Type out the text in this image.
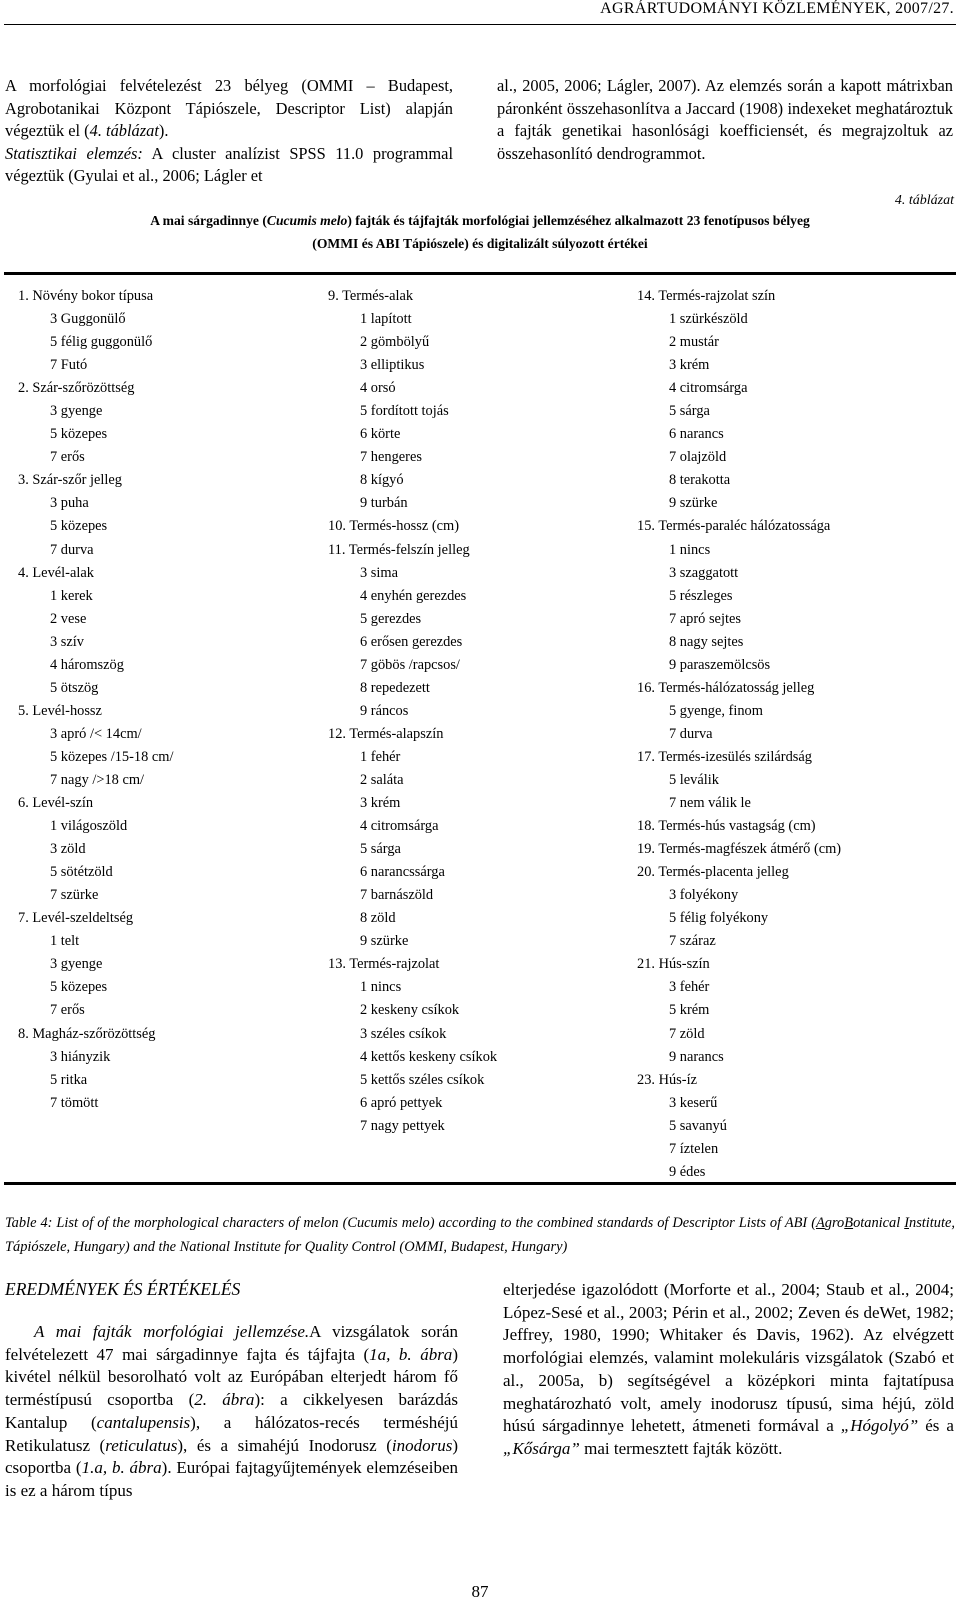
AGRÁRTUDOMÁNYI KÖZLEMÉNYEK, 2007/27.

A morfológiai felvételezést 23 bélyeg (OMMI – Budapest, Agrobotanikai Központ Tápiószele, Descriptor List) alapján végeztük el (4. táblázat).

Statisztikai elemzés: A cluster analízist SPSS 11.0 programmal végeztük (Gyulai et al., 2006; Lágler et

al., 2005, 2006; Lágler, 2007). Az elemzés során a kapott mátrixban páronként összehasonlítva a Jaccard (1908) indexeket meghatároztuk a fajták genetikai hasonlósági koefficiensét, és megrajzoltuk az összehasonlító dendrogrammot.

4. táblázat
A mai sárgadinnye (Cucumis melo) fajták és tájfajták morfológiai jellemzéséhez alkalmazott 23 fenotípusos bélyeg
(OMMI és ABI Tápiószele) és digitalizált súlyozott értékei
1. Növény bokor típusa
3 Guggonülő
5 félig guggonülő
7 Futó
2. Szár-szőrözöttség
3 gyenge
5 közepes
7 erős
3. Szár-szőr jelleg
3 puha
5 közepes
7 durva
4. Levél-alak
1 kerek
2 vese
3 szív
4 háromszög
5 ötszög
5. Levél-hossz
3 apró /< 14cm/
5 közepes /15-18 cm/
7 nagy />18 cm/
6. Levél-szín
1 világoszöld
3 zöld
5 sötétzöld
7 szürke
7. Levél-szeldeltség
1 telt
3 gyenge
5 közepes
7 erős
8. Magház-szőrözöttség
3 hiányzik
5 ritka
7 tömött
9. Termés-alak
1 lapított
2 gömbölyű
3 elliptikus
4 orsó
5 fordított tojás
6 körte
7 hengeres
8 kígyó
9 turbán
10. Termés-hossz (cm)
11. Termés-felszín jelleg
3 sima
4 enyhén gerezdes
5 gerezdes
6 erősen gerezdes
7 göbös /rapcsos/
8 repedezett
9 ráncos
12. Termés-alapszín
1 fehér
2 saláta
3 krém
4 citromsárga
5 sárga
6 narancssárga
7 barnászöld
8 zöld
9 szürke
13. Termés-rajzolat
1 nincs
2 keskeny csíkok
3 széles csíkok
4 kettős keskeny csíkok
5 kettős széles csíkok
6 apró pettyek
7 nagy pettyek
14. Termés-rajzolat szín
1 szürkészöld
2 mustár
3 krém
4 citromsárga
5 sárga
6 narancs
7 olajzöld
8 terakotta
9 szürke
15. Termés-paraléc hálózatossága
1 nincs
3 szaggatott
5 részleges
7 apró sejtes
8 nagy sejtes
9 paraszemölcsös
16. Termés-hálózatosság jelleg
5 gyenge, finom
7 durva
17. Termés-izesülés szilárdság
5 leválik
7 nem válik le
18. Termés-hús vastagság (cm)
19. Termés-magfészek átmérő (cm)
20. Termés-placenta jelleg
3 folyékony
5 félig folyékony
7 száraz
21. Hús-szín
3 fehér
5 krém
7 zöld
9 narancs
23. Hús-íz
3 keserű
5 savanyú
7 íztelen
9 édes
Table 4: List of of the morphological characters of melon (Cucumis melo) according to the combined standards of Descriptor Lists of ABI (AgroBotanical Institute, Tápiószele, Hungary) and the National Institute for Quality Control (OMMI, Budapest, Hungary)
EREDMÉNYEK ÉS ÉRTÉKELÉS

A mai fajták morfológiai jellemzése.A vizsgálatok során felvételezett 47 mai sárgadinnye fajta és tájfajta (1a, b. ábra) kivétel nélkül besorolható volt az Európában elterjedt három fő terméstípusú csoportba (2. ábra): a cikkelyesen barázdás Kantalup (cantalupensis), a hálózatos-recés terméshéjú Retikulatusz (reticulatus), és a simahéjú Inodorusz (inodorus) csoportba (1.a, b. ábra). Európai fajtagyűjtemények elemzéseiben is ez a három típus

elterjedése igazolódott (Morforte et al., 2004; Staub et al., 2004; López-Sesé et al., 2003; Périn et al., 2002; Zeven és deWet, 1982; Jeffrey, 1980, 1990; Whitaker és Davis, 1962). Az elvégzett morfológiai elemzés, valamint molekuláris vizsgálatok (Szabó et al., 2005a, b) segítségével a középkori minta fajtatípusa meghatározható volt, amely inodorusz típusú, sima héjú, zöld húsú sárgadinnye lehetett, átmeneti formával a „Hógolyó” és a „Kősárga” mai termesztett fajták között.

87
